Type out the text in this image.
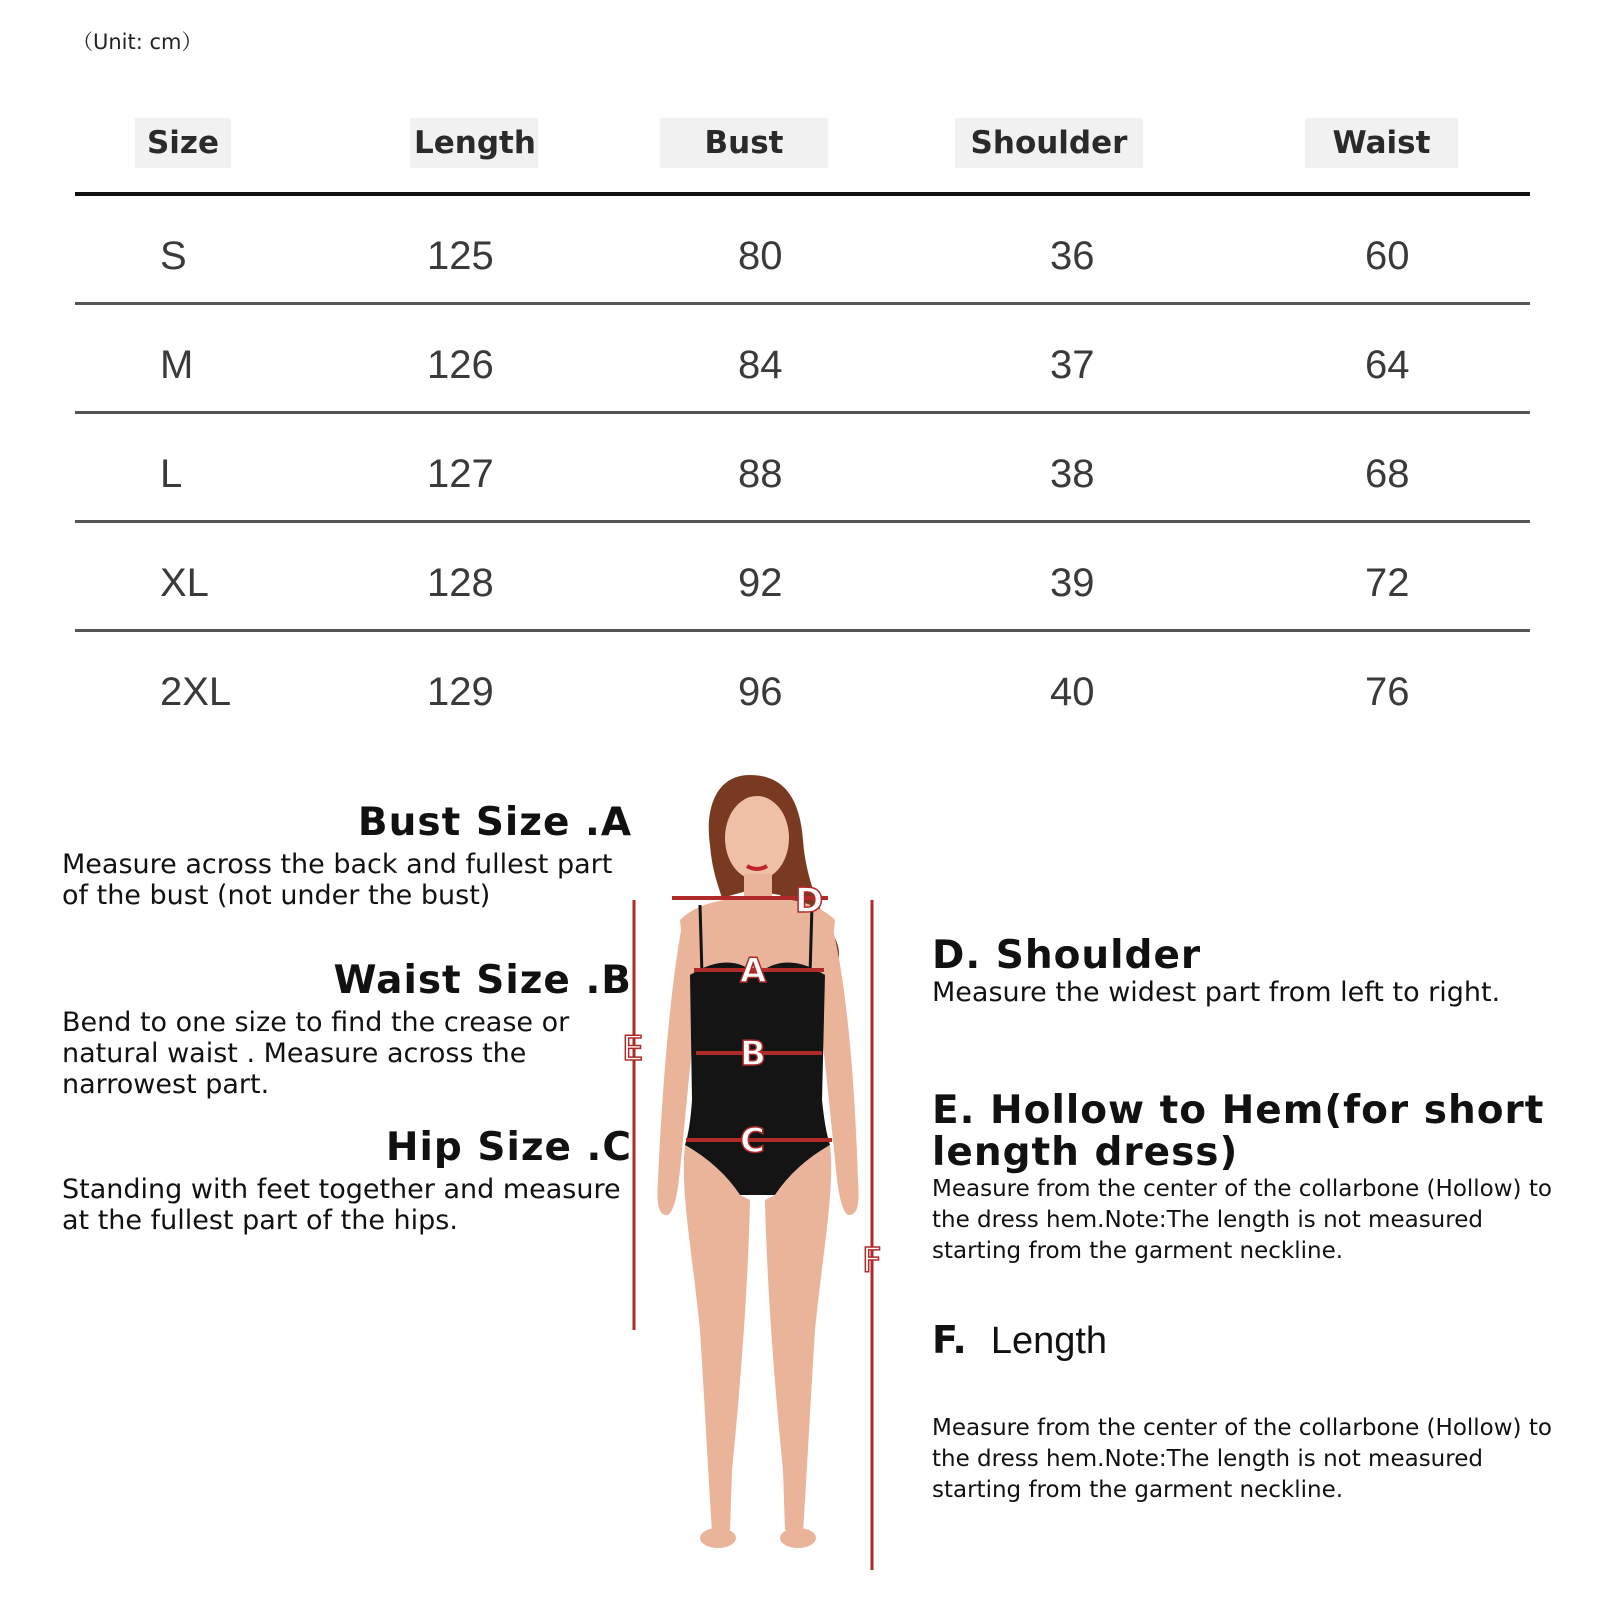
（Unit: cm）
Size	Length	Bust	Shoulder	Waist
S	125	80	36	60
M	126	84	37	64
L	127	88	38	68
XL	128	92	39	72
2XL	129	96	40	76
Bust Size .A
Measure across the back and fullest part of the bust (not under the bust)
Waist Size .B
Bend to one size to find the crease or natural waist . Measure across the narrowest part.
Hip Size .C
Standing with feet together and measure at the fullest part of the hips.
D
A
B
C
E
F
D. Shoulder
Measure the widest part from left to right.
E. Hollow to Hem(for short length dress)
Measure from the center of the collarbone (Hollow) to the dress hem.Note:The length is not measured starting from the garment neckline.
F. Length
Measure from the center of the collarbone (Hollow) to the dress hem.Note:The length is not measured starting from the garment neckline.
